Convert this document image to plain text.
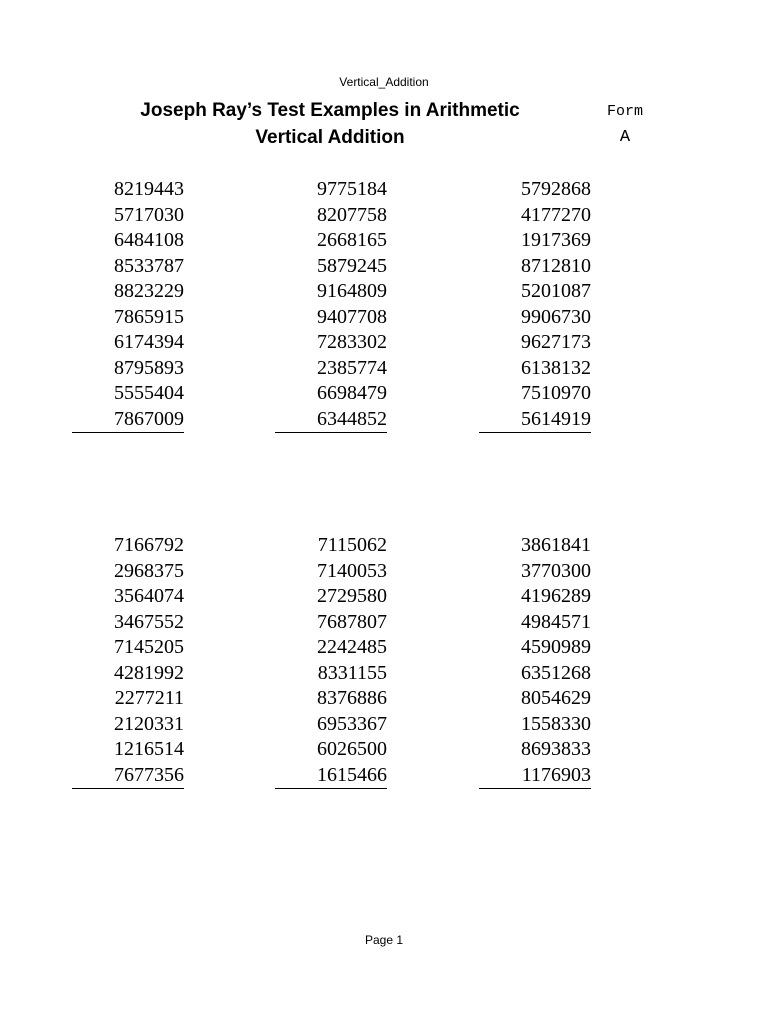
Vertical_Addition
Joseph Ray’s Test Examples in Arithmetic
Vertical Addition
Form
A
8219443
5717030
6484108
8533787
8823229
7865915
6174394
8795893
5555404
7867009
9775184
8207758
2668165
5879245
9164809
9407708
7283302
2385774
6698479
6344852
5792868
4177270
1917369
8712810
5201087
9906730
9627173
6138132
7510970
5614919
7166792
2968375
3564074
3467552
7145205
4281992
2277211
2120331
1216514
7677356
7115062
7140053
2729580
7687807
2242485
8331155
8376886
6953367
6026500
1615466
3861841
3770300
4196289
4984571
4590989
6351268
8054629
1558330
8693833
1176903
Page 1
